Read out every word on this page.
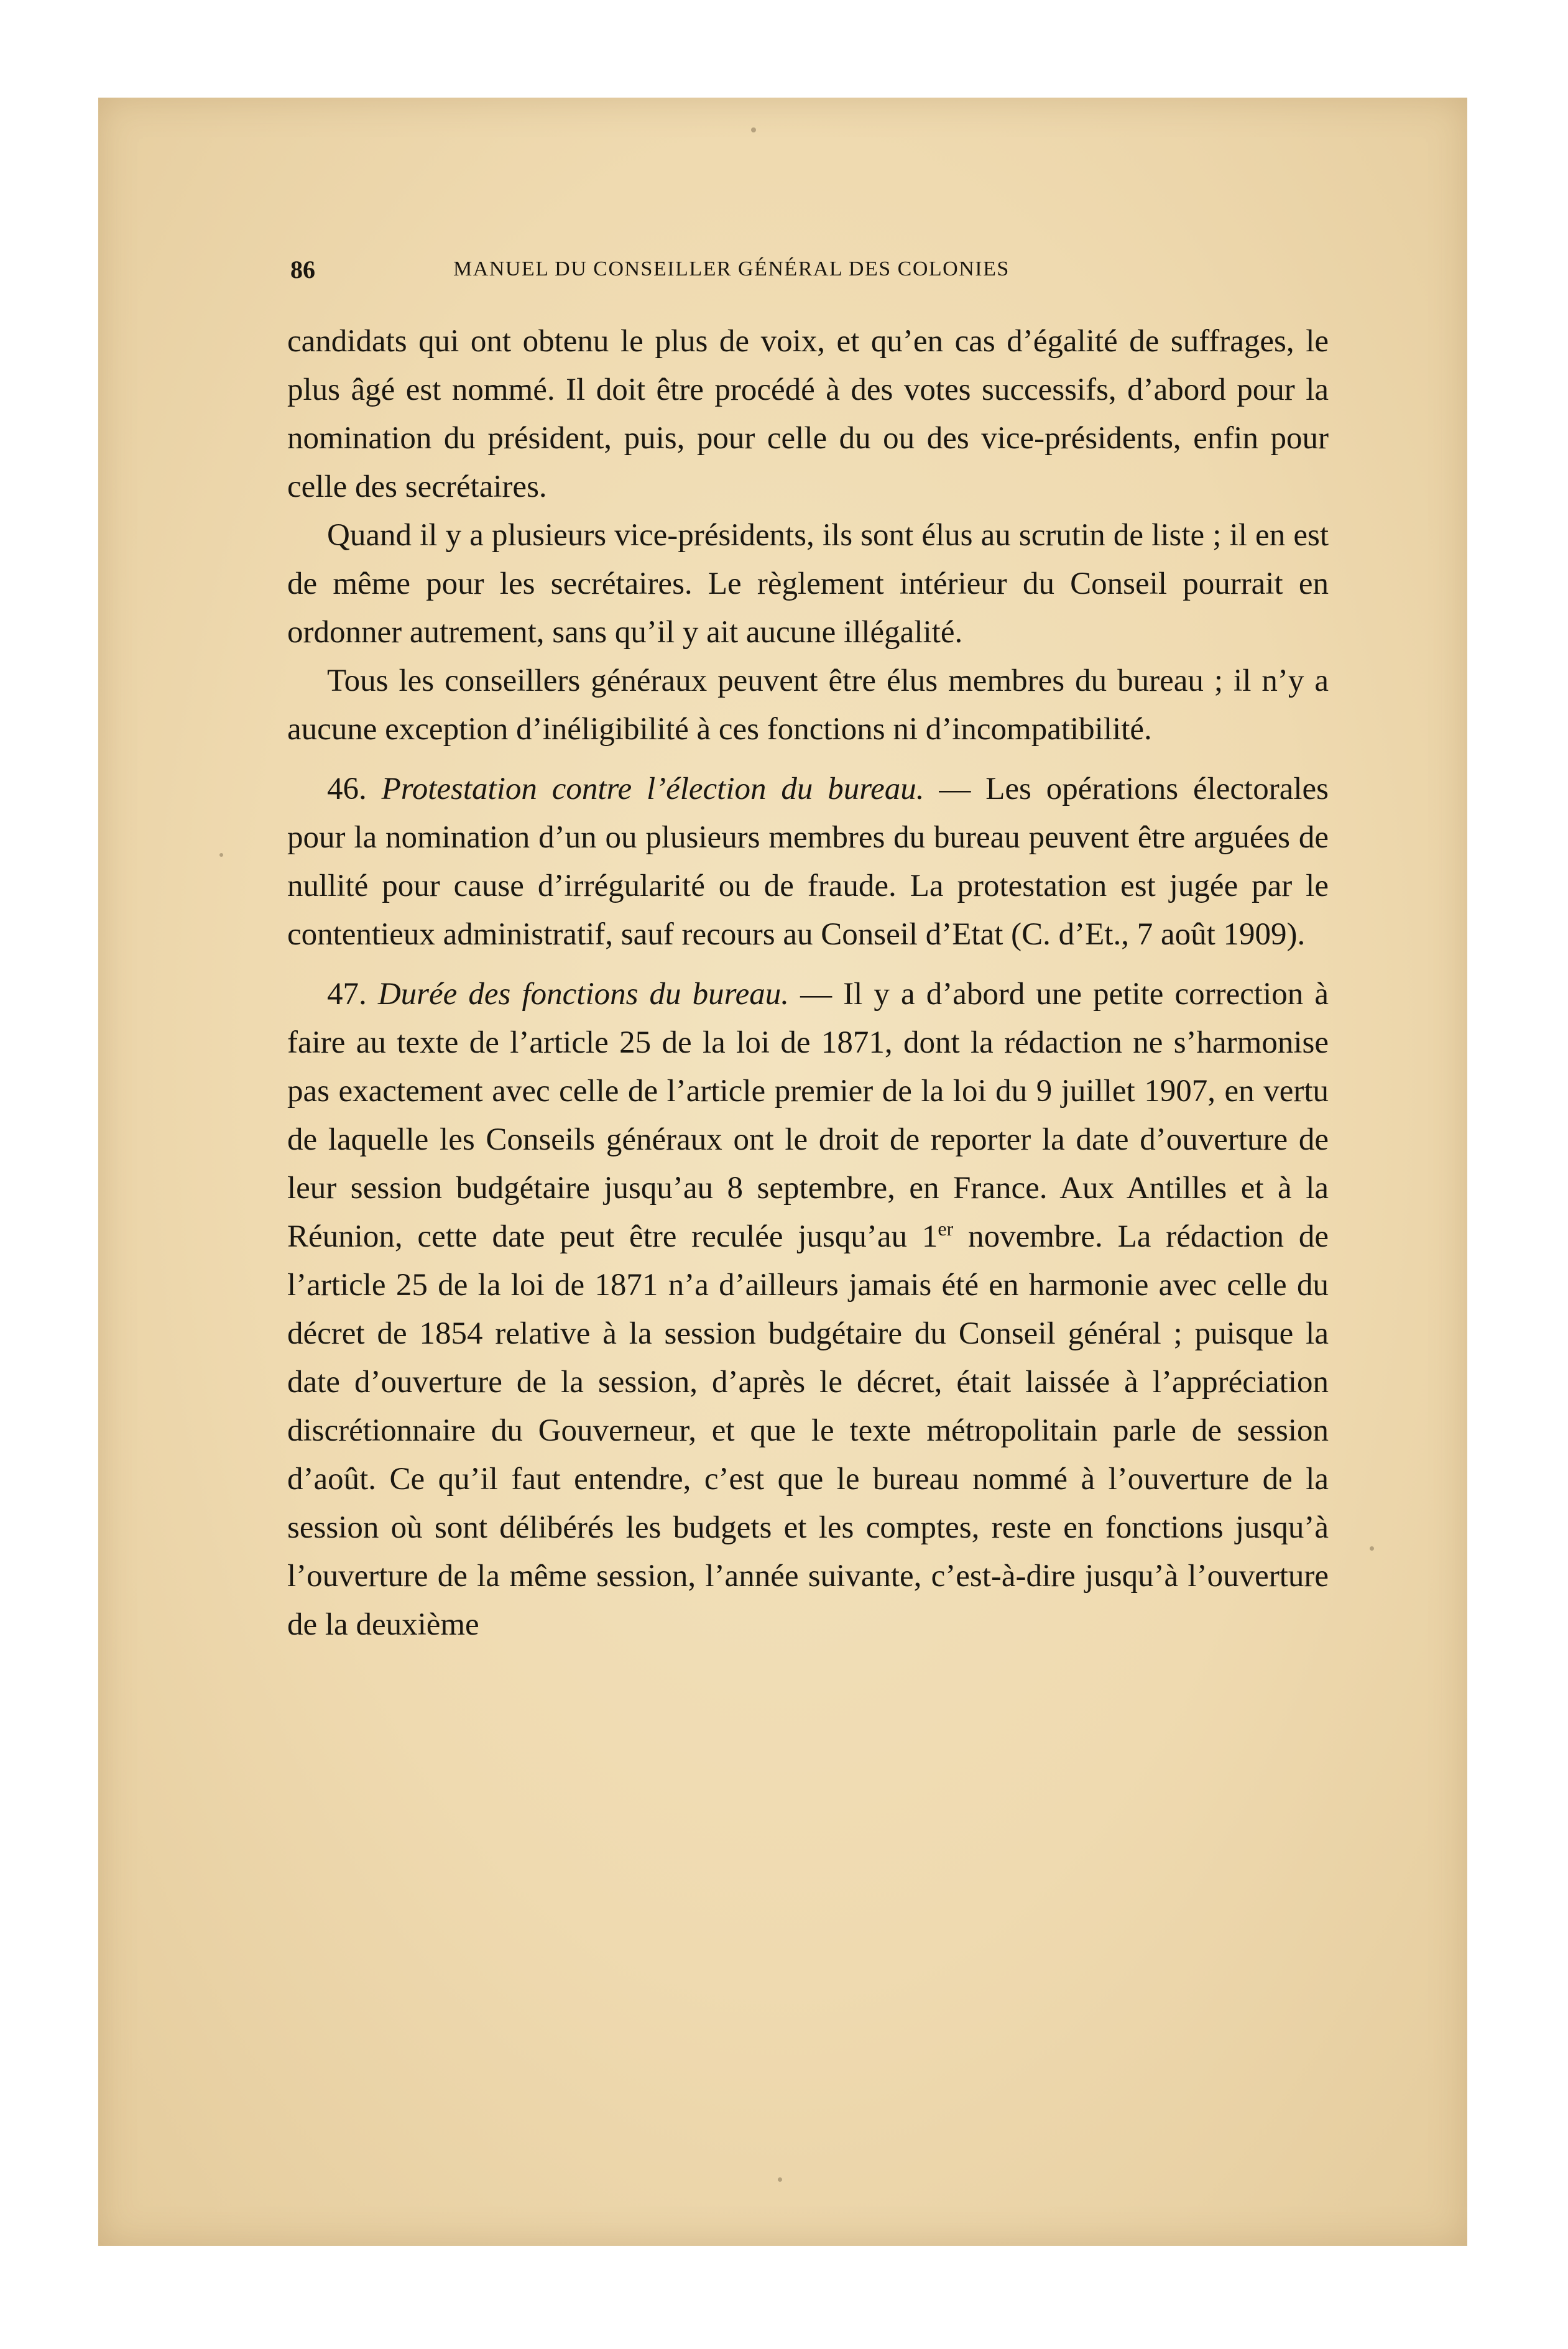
86	MANUEL DU CONSEILLER GÉNÉRAL DES COLONIES

candidats qui ont obtenu le plus de voix, et qu’en cas d’égalité de suffrages, le plus âgé est nommé. Il doit être procédé à des votes successifs, d’abord pour la nomination du président, puis, pour celle du ou des vice-présidents, enfin pour celle des secrétaires.

Quand il y a plusieurs vice-présidents, ils sont élus au scrutin de liste ; il en est de même pour les secrétaires. Le règlement intérieur du Conseil pourrait en ordonner autrement, sans qu’il y ait aucune illégalité.

Tous les conseillers généraux peuvent être élus membres du bureau ; il n’y a aucune exception d’inéligibilité à ces fonctions ni d’incompatibilité.

46. Protestation contre l’élection du bureau. — Les opérations électorales pour la nomination d’un ou plusieurs membres du bureau peuvent être arguées de nullité pour cause d’irrégularité ou de fraude. La protestation est jugée par le contentieux administratif, sauf recours au Conseil d’Etat (C. d’Et., 7 août 1909).

47. Durée des fonctions du bureau. — Il y a d’abord une petite correction à faire au texte de l’article 25 de la loi de 1871, dont la rédaction ne s’harmonise pas exactement avec celle de l’article premier de la loi du 9 juillet 1907, en vertu de laquelle les Conseils généraux ont le droit de reporter la date d’ouverture de leur session budgétaire jusqu’au 8 septembre, en France. Aux Antilles et à la Réunion, cette date peut être reculée jusqu’au 1er novembre. La rédaction de l’article 25 de la loi de 1871 n’a d’ailleurs jamais été en harmonie avec celle du décret de 1854 relative à la session budgétaire du Conseil général ; puisque la date d’ouverture de la session, d’après le décret, était laissée à l’appréciation discrétionnaire du Gouverneur, et que le texte métropolitain parle de session d’août. Ce qu’il faut entendre, c’est que le bureau nommé à l’ouverture de la session où sont délibérés les budgets et les comptes, reste en fonctions jusqu’à l’ouverture de la même session, l’année suivante, c’est-à-dire jusqu’à l’ouverture de la deuxième
